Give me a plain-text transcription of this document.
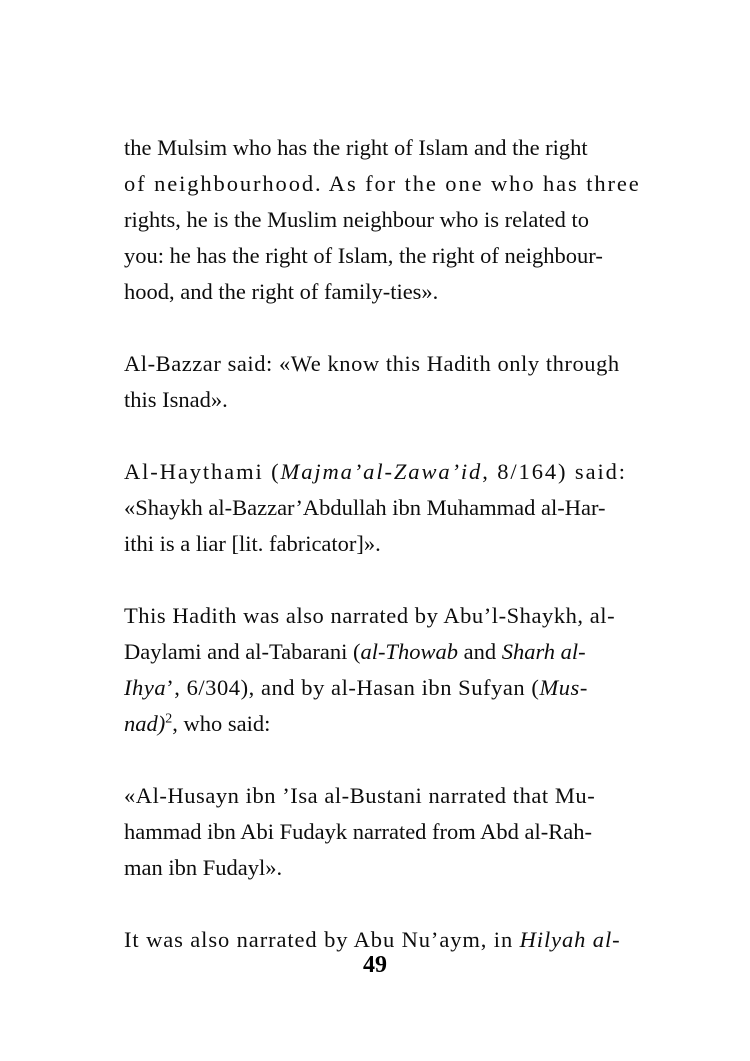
the Mulsim who has the right of Islam and the right
of neighbourhood. As for the one who has three
rights, he is the Muslim neighbour who is related to
you: he has the right of Islam, the right of neighbour-
hood, and the right of family-ties».

Al-Bazzar said: «We know this Hadith only through
this Isnad».

Al-Haythami (Majma’al-Zawa’id, 8/164) said:
«Shaykh al-Bazzar’Abdullah ibn Muhammad al-Har-
ithi is a liar [lit. fabricator]».

This Hadith was also narrated by Abu’l-Shaykh, al-
Daylami and al-Tabarani (al-Thowab and Sharh al-
Ihya’, 6/304), and by al-Hasan ibn Sufyan (Mus-
nad)$^2$, who said:

«Al-Husayn ibn ’Isa al-Bustani narrated that Mu-
hammad ibn Abi Fudayk narrated from Abd al-Rah-
man ibn Fudayl».

It was also narrated by Abu Nu’aym, in Hilyah al-

49
